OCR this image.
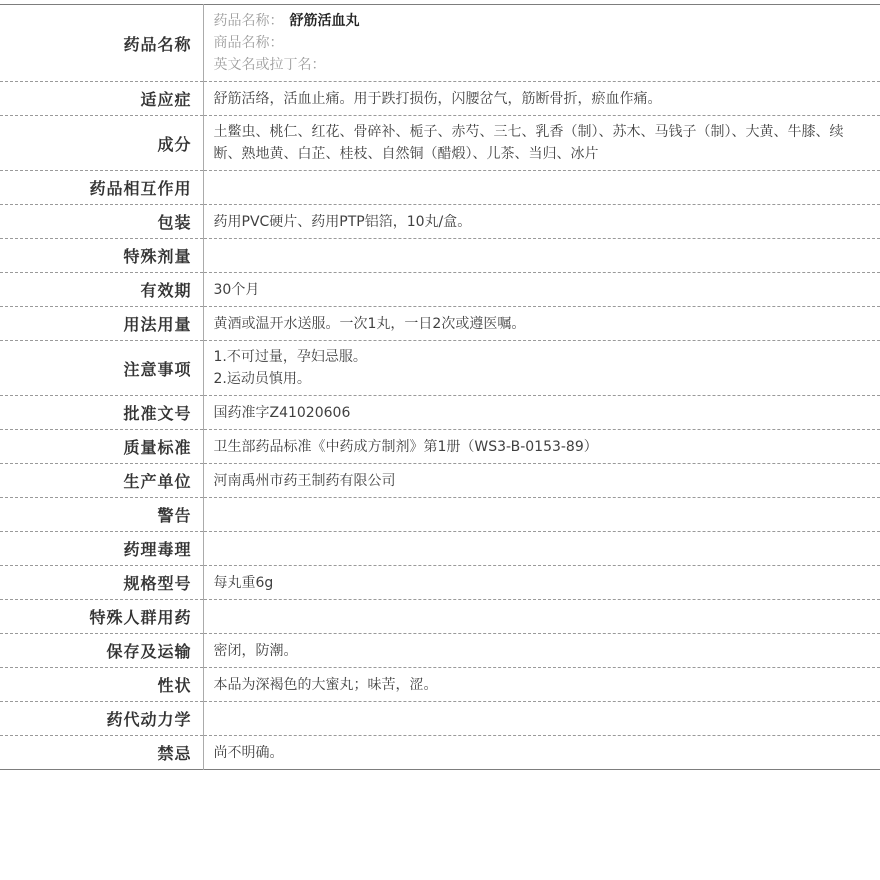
药品名称	药品名称： 舒筋活血丸
商品名称：
英文名或拉丁名：

适应症	舒筋活络，活血止痛。用于跌打损伤，闪腰岔气，筋断骨折，瘀血作痛。
成分	土鳖虫、桃仁、红花、骨碎补、栀子、赤芍、三七、乳香（制）、苏木、马钱子（制）、大黄、牛膝、续断、熟地黄、白芷、桂枝、自然铜（醋煅）、儿茶、当归、冰片
药品相互作用	
包装	药用PVC硬片、药用PTP铝箔，10丸/盒。
特殊剂量	
有效期	30个月
用法用量	黄酒或温开水送服。一次1丸，一日2次或遵医嘱。
注意事项	1.不可过量，孕妇忌服。
2.运动员慎用。

批准文号	国药准字Z41020606
质量标准	卫生部药品标准《中药成方制剂》第1册（WS3-B-0153-89）
生产单位	河南禹州市药王制药有限公司
警告	
药理毒理	
规格型号	每丸重6g
特殊人群用药	
保存及运输	密闭，防潮。
性状	本品为深褐色的大蜜丸；味苦，涩。
药代动力学	
禁忌	尚不明确。
